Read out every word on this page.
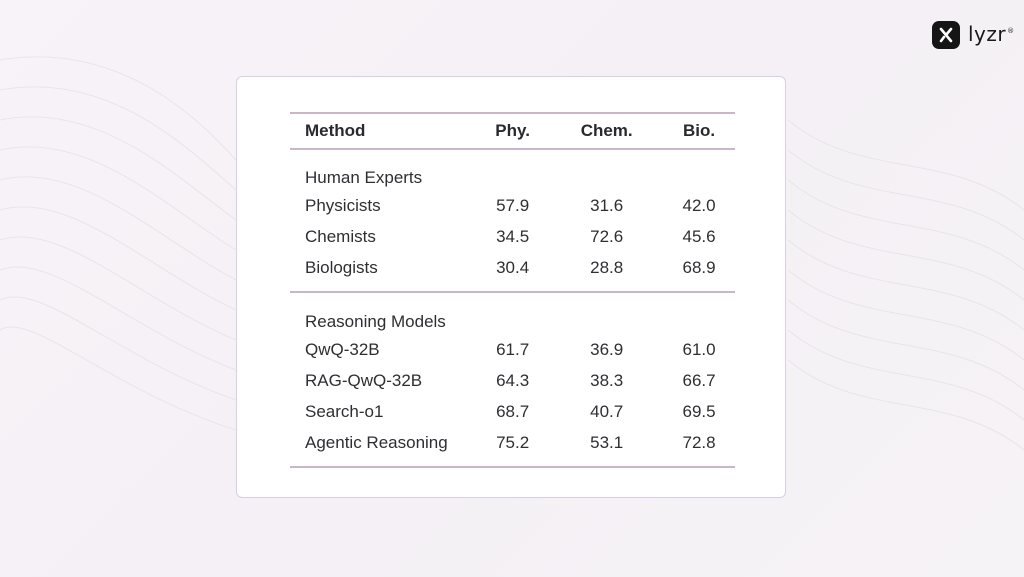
lyzr®
Method	Phy.	Chem.	Bio.
Human Experts			
Physicists	57.9	31.6	42.0
Chemists	34.5	72.6	45.6
Biologists	30.4	28.8	68.9

Reasoning Models			
QwQ-32B	61.7	36.9	61.0
RAG-QwQ-32B	64.3	38.3	66.7
Search-o1	68.7	40.7	69.5
Agentic Reasoning	75.2	53.1	72.8
